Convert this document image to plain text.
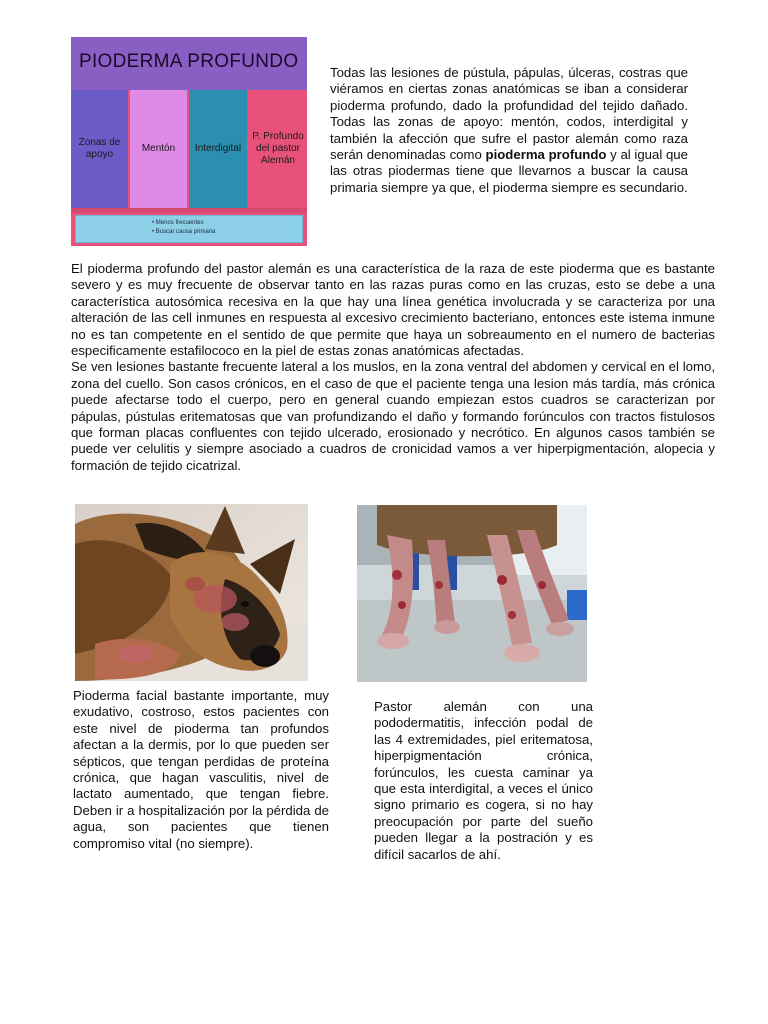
PIODERMA PROFUNDO
Zonas de apoyo
Mentón	Interdigital
P. Profundo del pastor Alemán
• Menos frecuentes
• Buscar causa primaria

Todas las lesiones de pústula, pápulas, úlceras, costras que viéramos en ciertas zonas anatómicas se iban a considerar pioderma profundo, dado la profundidad del tejido dañado. Todas las zonas de apoyo: mentón, codos, interdigital y también la afección que sufre el pastor alemán como raza serán denominadas como pioderma profundo y al igual que las otras piodermas tiene que llevarnos a buscar la causa primaria siempre ya que, el pioderma siempre es secundario.

El pioderma profundo del pastor alemán es una característica de la raza de este pioderma que es bastante severo y es muy frecuente de observar tanto en las razas puras como en las cruzas, esto se debe a una característica autosómica recesiva en la que hay una línea genética involucrada y se caracteriza por una alteración de las cell inmunes en respuesta al excesivo crecimiento bacteriano, entonces este istema inmune no es tan competente en el sentido de que permite que haya un sobreaumento en el numero de bacterias especificamente estafilococo en la piel de estas zonas anatómicas afectadas.

Se ven lesiones bastante frecuente lateral a los muslos, en la zona ventral del abdomen y cervical en el lomo, zona del cuello. Son casos crónicos, en el caso de que el paciente tenga una lesion más tardía, más crónica puede afectarse todo el cuerpo, pero en general cuando empiezan estos cuadros se caracterizan por pápulas, pústulas eritematosas que van profundizando el daño y formando forúnculos con tractos fistulosos que forman placas confluentes con tejido ulcerado, erosionado y necrótico. En algunos casos también se puede ver celulitis y siempre asociado a cuadros de cronicidad vamos a ver hiperpigmentación, alopecia y formación de tejido cicatrizal.

Pioderma facial bastante importante, muy exudativo, costroso, estos pacientes con este nivel de pioderma tan profundos afectan a la dermis, por lo que pueden ser sépticos, que tengan perdidas de proteína crónica, que hagan vasculitis, nivel de lactato aumentado, que tengan fiebre. Deben ir a hospitalización por la pérdida de agua, son pacientes que tienen compromiso vital (no siempre).

Pastor alemán con una pododermatitis, infección podal de las 4 extremidades, piel eritematosa, hiperpigmentación crónica, forúnculos, les cuesta caminar ya que esta interdigital, a veces el único signo primario es cogera, si no hay preocupación por parte del sueño pueden llegar a la postración y es difícil sacarlos de ahí.
